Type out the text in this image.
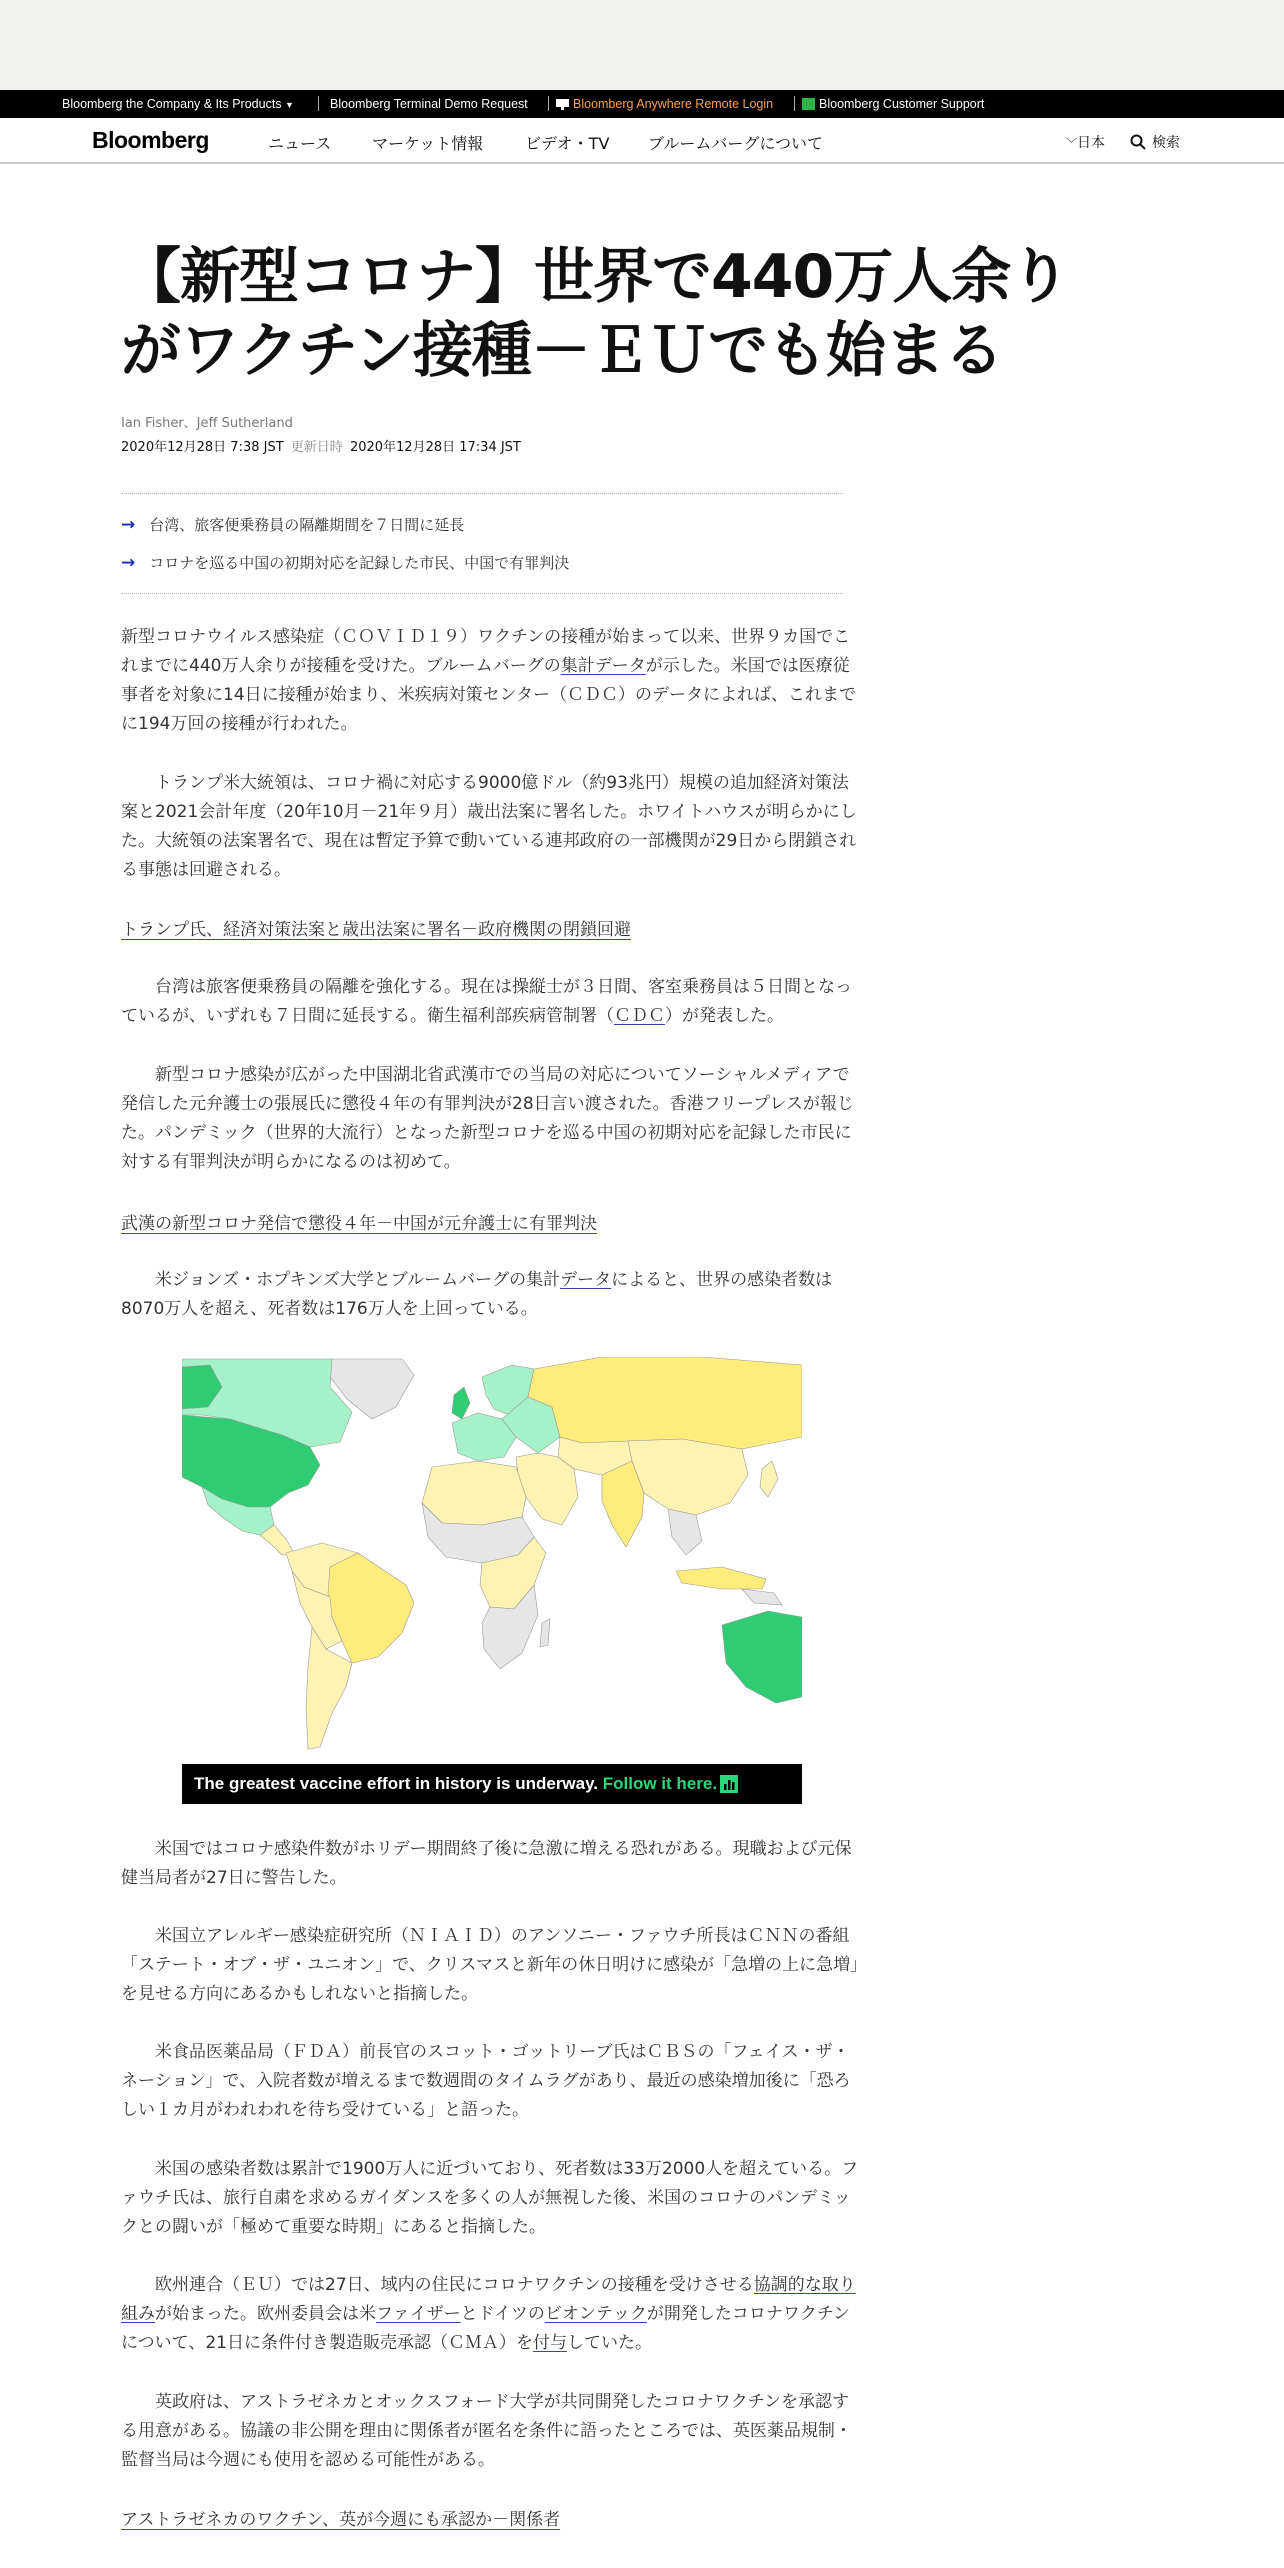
Bloomberg the Company & Its Products ▼	Bloomberg Terminal Demo Request	Bloomberg Anywhere Remote Login	Bloomberg Customer Support
Bloomberg	ニュース	マーケット情報	ビデオ・TV ブルームバーグについて	﹀日本	検索
【新型コロナ】世界で440万人余りがワクチン接種－ＥＵでも始まる
Ian Fisher、Jeff Sutherland
2020年12月28日 7:38 JST 更新日時 2020年12月28日 17:34 JST
→ 台湾、旅客便乗務員の隔離期間を７日間に延長
→ コロナを巡る中国の初期対応を記録した市民、中国で有罪判決

新型コロナウイルス感染症（ＣＯＶＩＤ１９）ワクチンの接種が始まって以来、世界９カ国でこれまでに440万人余りが接種を受けた。ブルームバーグの集計データが示した。米国では医療従事者を対象に14日に接種が始まり、米疾病対策センター（ＣＤＣ）のデータによれば、これまでに194万回の接種が行われた。

トランプ米大統領は、コロナ禍に対応する9000億ドル（約93兆円）規模の追加経済対策法案と2021会計年度（20年10月－21年９月）歳出法案に署名した。ホワイトハウスが明らかにした。大統領の法案署名で、現在は暫定予算で動いている連邦政府の一部機関が29日から閉鎖される事態は回避される。

トランプ氏、経済対策法案と歳出法案に署名－政府機関の閉鎖回避

台湾は旅客便乗務員の隔離を強化する。現在は操縦士が３日間、客室乗務員は５日間となっているが、いずれも７日間に延長する。衛生福利部疾病管制署（ＣＤＣ）が発表した。

新型コロナ感染が広がった中国湖北省武漢市での当局の対応についてソーシャルメディアで発信した元弁護士の張展氏に懲役４年の有罪判決が28日言い渡された。香港フリープレスが報じた。パンデミック（世界的大流行）となった新型コロナを巡る中国の初期対応を記録した市民に対する有罪判決が明らかになるのは初めて。

武漢の新型コロナ発信で懲役４年－中国が元弁護士に有罪判決

米ジョンズ・ホプキンズ大学とブルームバーグの集計データによると、世界の感染者数は8070万人を超え、死者数は176万人を上回っている。

The greatest vaccine effort in history is underway. Follow it here.

米国ではコロナ感染件数がホリデー期間終了後に急激に増える恐れがある。現職および元保健当局者が27日に警告した。

米国立アレルギー感染症研究所（ＮＩＡＩＤ）のアンソニー・ファウチ所長はＣＮＮの番組「ステート・オブ・ザ・ユニオン」で、クリスマスと新年の休日明けに感染が「急増の上に急増」を見せる方向にあるかもしれないと指摘した。

米食品医薬品局（ＦＤＡ）前長官のスコット・ゴットリーブ氏はＣＢＳの「フェイス・ザ・ネーション」で、入院者数が増えるまで数週間のタイムラグがあり、最近の感染増加後に「恐ろしい１カ月がわれわれを待ち受けている」と語った。

米国の感染者数は累計で1900万人に近づいており、死者数は33万2000人を超えている。ファウチ氏は、旅行自粛を求めるガイダンスを多くの人が無視した後、米国のコロナのパンデミックとの闘いが「極めて重要な時期」にあると指摘した。

欧州連合（ＥＵ）では27日、域内の住民にコロナワクチンの接種を受けさせる協調的な取り組みが始まった。欧州委員会は米ファイザーとドイツのビオンテックが開発したコロナワクチンについて、21日に条件付き製造販売承認（ＣＭＡ）を付与していた。

英政府は、アストラゼネカとオックスフォード大学が共同開発したコロナワクチンを承認する用意がある。協議の非公開を理由に関係者が匿名を条件に語ったところでは、英医薬品規制・監督当局は今週にも使用を認める可能性がある。

アストラゼネカのワクチン、英が今週にも承認か－関係者
